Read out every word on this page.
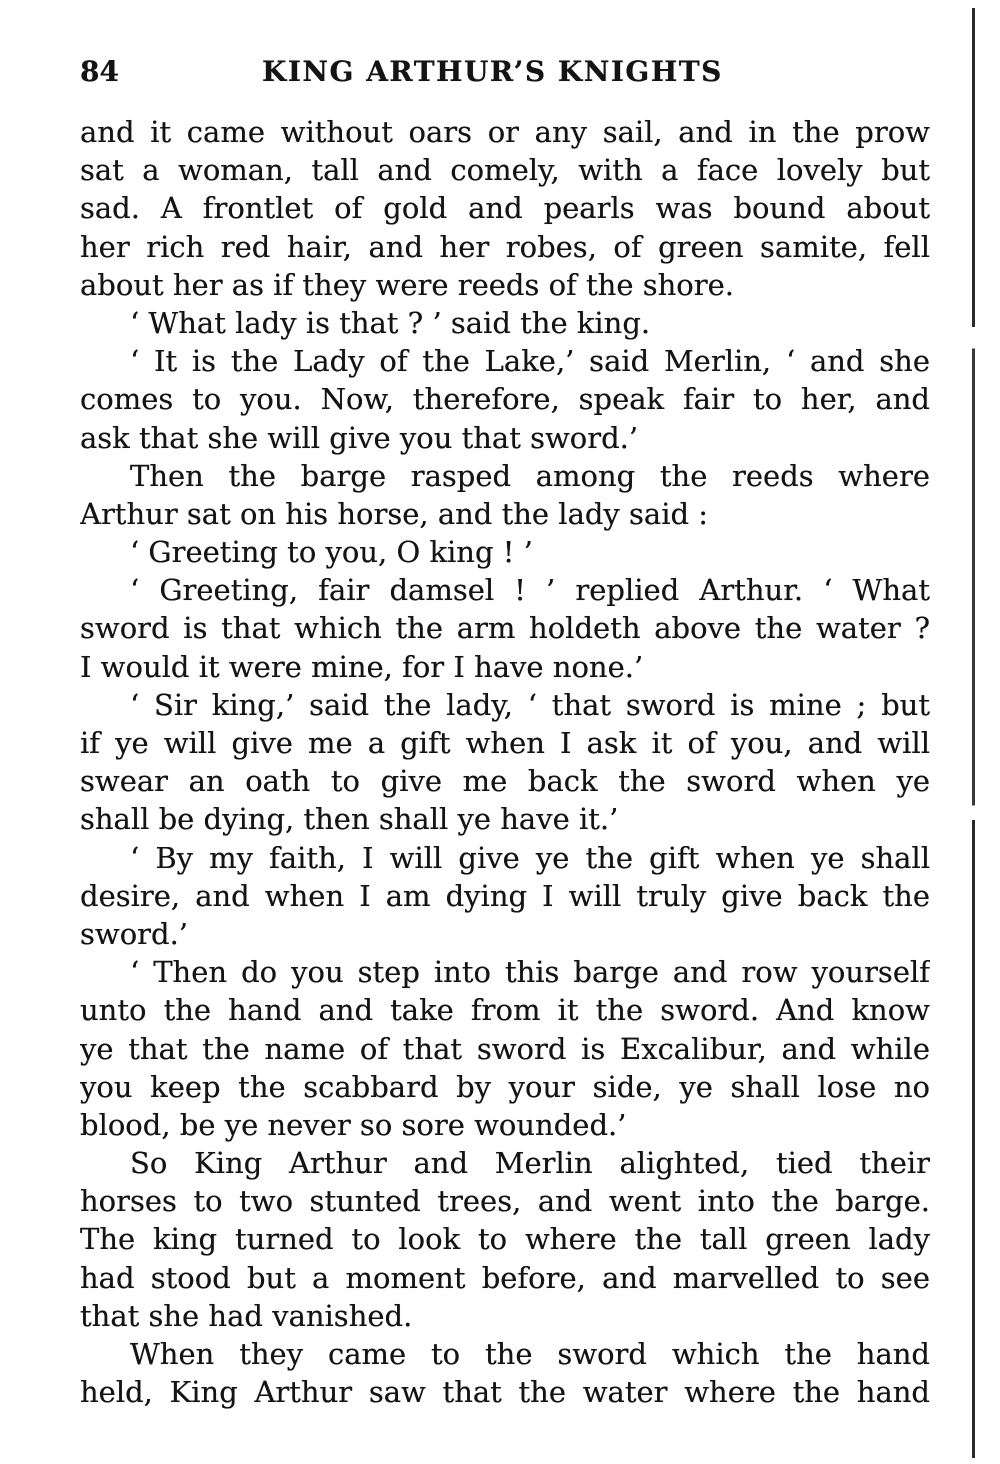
84	KING ARTHUR’S KNIGHTS
and it came without oars or any sail, and in the prow
sat a woman, tall and comely, with a face lovely but
sad. A frontlet of gold and pearls was bound about
her rich red hair, and her robes, of green samite, fell
about her as if they were reeds of the shore.
‘ What lady is that ? ’ said the king.
‘ It is the Lady of the Lake,’ said Merlin, ‘ and she
comes to you. Now, therefore, speak fair to her, and
ask that she will give you that sword.’
Then the barge rasped among the reeds where
Arthur sat on his horse, and the lady said :
‘ Greeting to you, O king ! ’
‘ Greeting, fair damsel ! ’ replied Arthur. ‘ What
sword is that which the arm holdeth above the water ?
I would it were mine, for I have none.’
‘ Sir king,’ said the lady, ‘ that sword is mine ; but
if ye will give me a gift when I ask it of you, and will
swear an oath to give me back the sword when ye
shall be dying, then shall ye have it.’
‘ By my faith, I will give ye the gift when ye shall
desire, and when I am dying I will truly give back the
sword.’
‘ Then do you step into this barge and row yourself
unto the hand and take from it the sword. And know
ye that the name of that sword is Excalibur, and while
you keep the scabbard by your side, ye shall lose no
blood, be ye never so sore wounded.’
So King Arthur and Merlin alighted, tied their
horses to two stunted trees, and went into the barge.
The king turned to look to where the tall green lady
had stood but a moment before, and marvelled to see
that she had vanished.
When they came to the sword which the hand
held, King Arthur saw that the water where the hand
